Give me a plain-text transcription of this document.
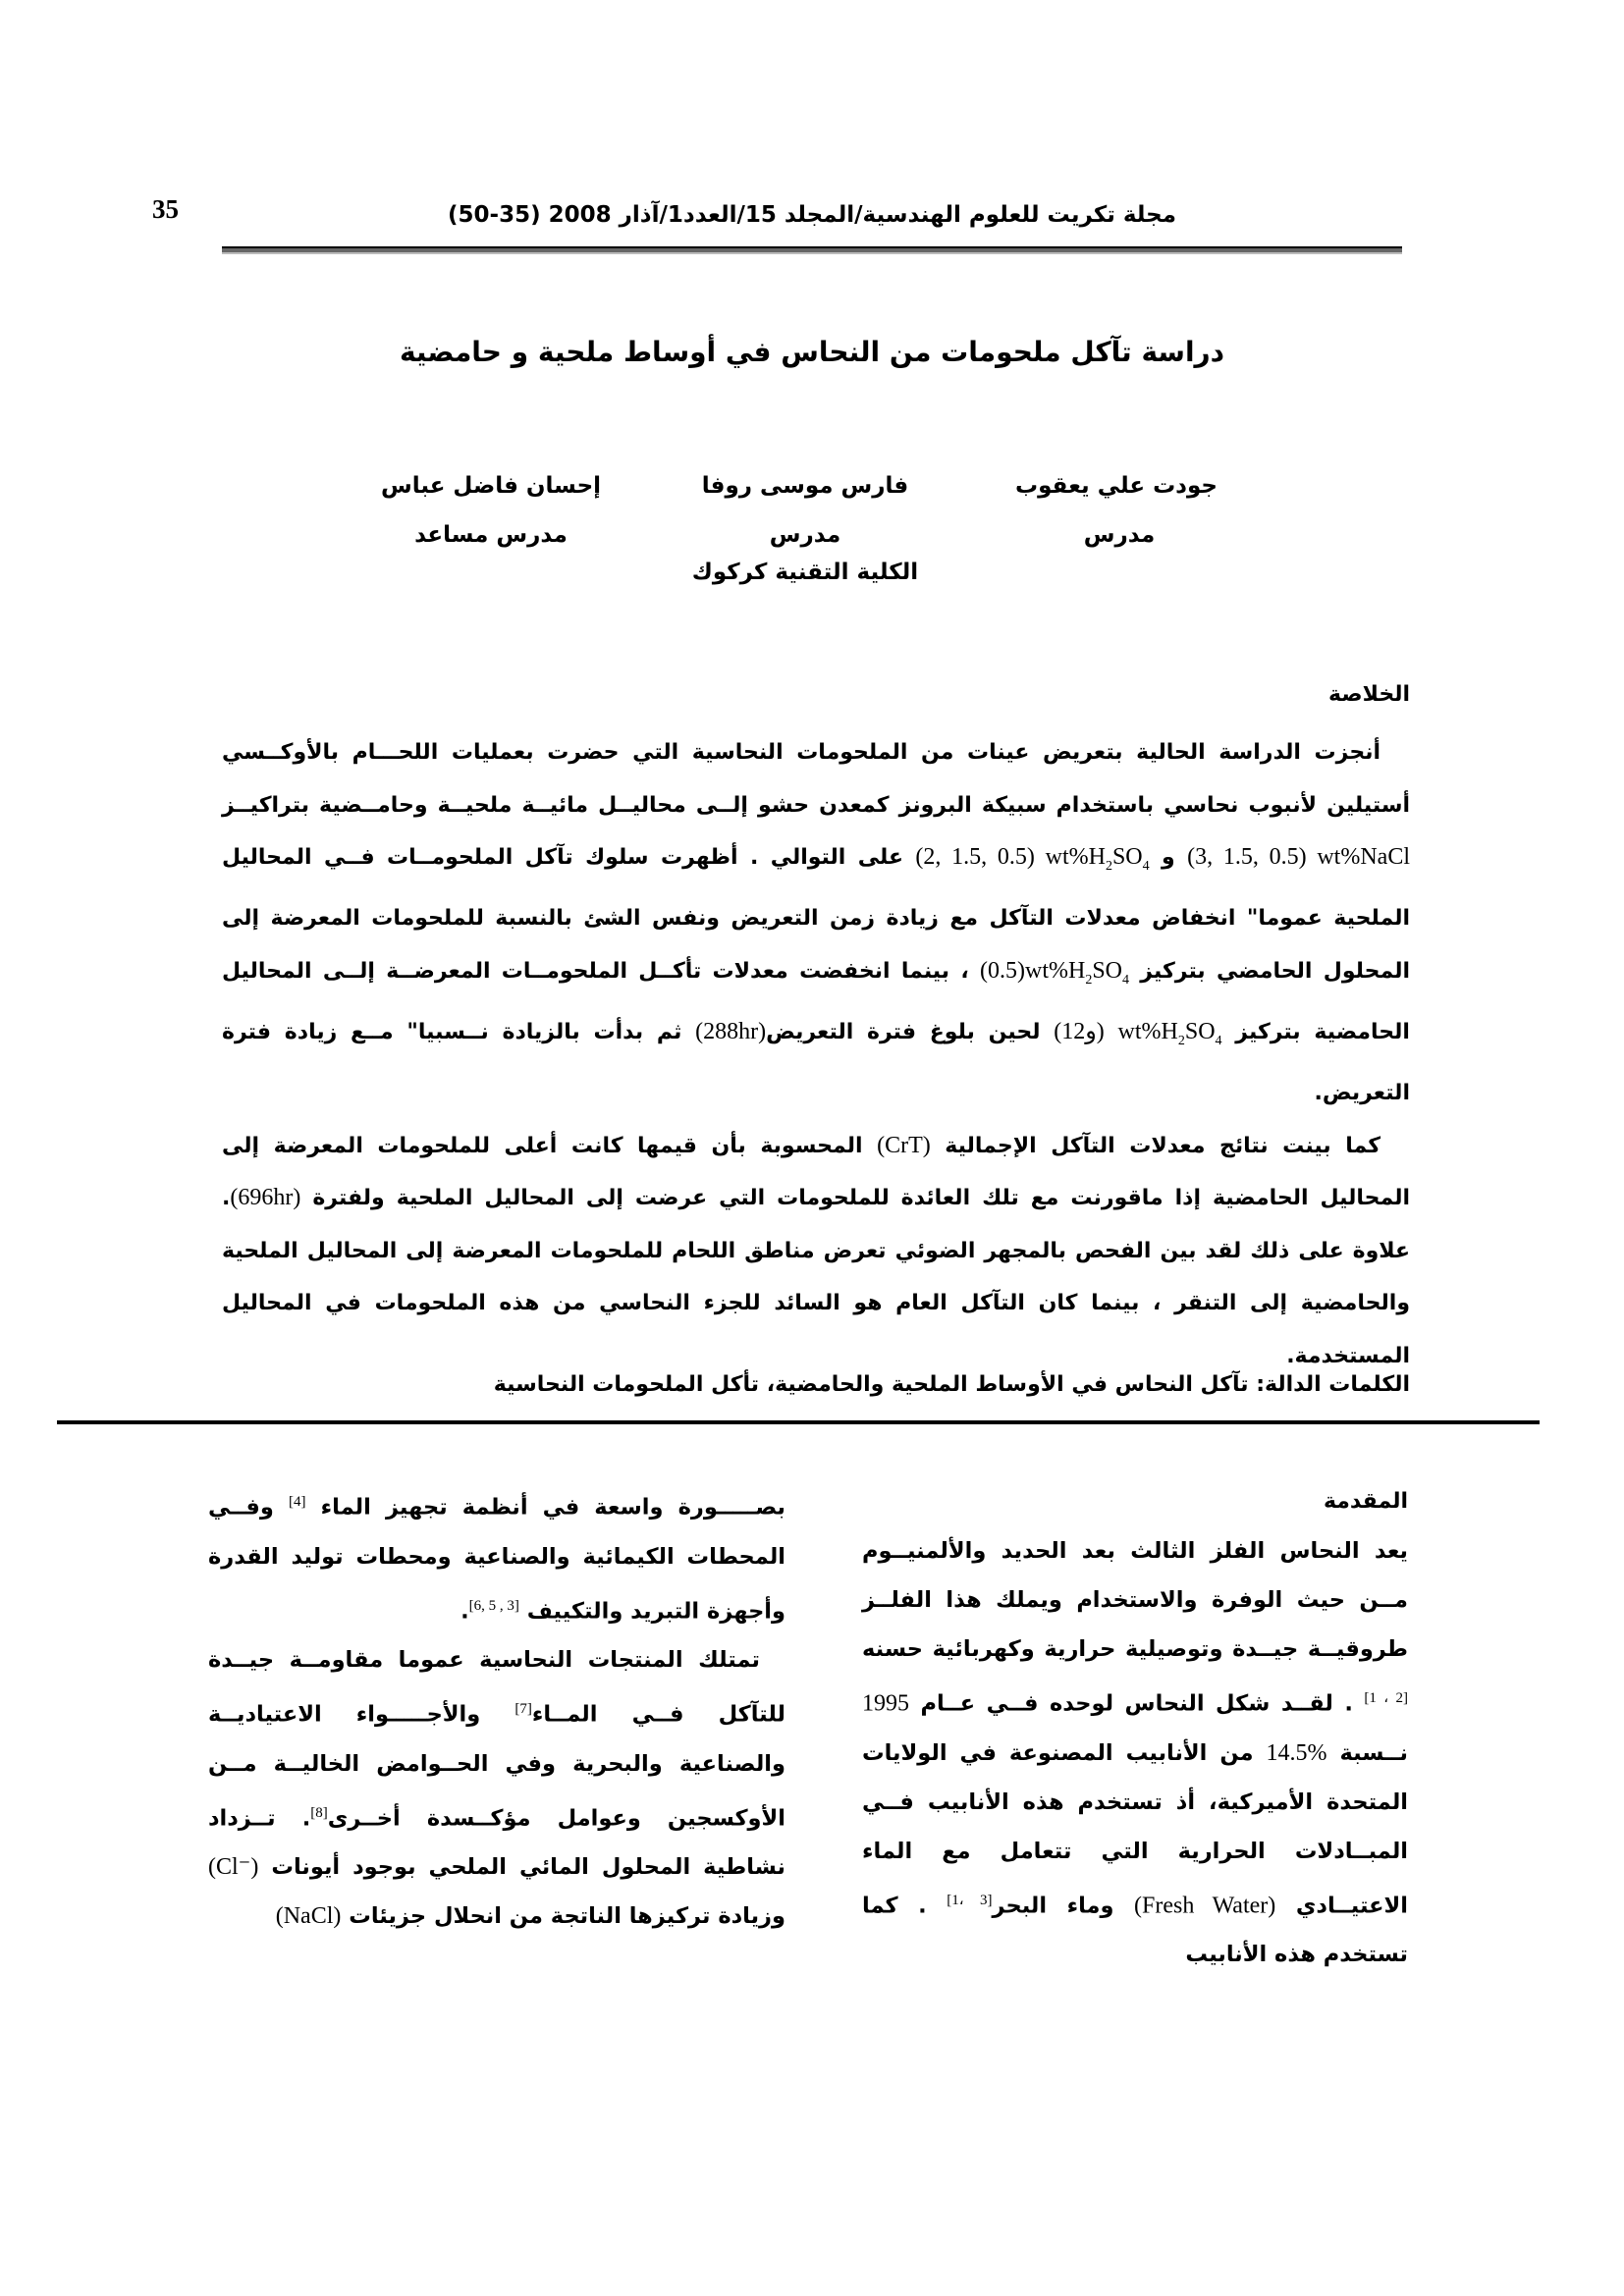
35	مجلة تكريت للعلوم الهندسية/المجلد 15/العدد1/آذار 2008 (35-50)
دراسة تآكل ملحومات من النحاس في أوساط ملحية و حامضية
جودت علي يعقوب
مدرس
فارس موسى روفا
مدرس
إحسان فاضل عباس
مدرس مساعد
الكلية التقنية كركوك
الخلاصة

أنجزت الدراسة الحالية بتعريض عينات من الملحومات النحاسية التي حضرت بعمليات اللحـــام بالأوكــسي أستيلين لأنبوب نحاسي باستخدام سبيكة البرونز كمعدن حشو إلــى محاليــل مائيــة ملحيــة وحامــضية بتراكيــز (3, 1.5, 0.5) wt%NaCl و (2, 1.5, 0.5) $wt\%H_2SO_4$ على التوالي . أظهرت سلوك تآكل الملحومــات فــي المحاليل الملحية عموما" انخفاض معدلات التآكل مع زيادة زمن التعريض ونفس الشئ بالنسبة للملحومات المعرضة إلى المحلول الحامضي بتركيز $(0.5)wt\%H_2SO_4$ ، بينما انخفضت معدلات تأكــل الملحومــات المعرضــة إلــى المحاليل الحامضية بتركيز $wt\%H_2SO_4$ (1و2) لحين بلوغ فترة التعريض(288hr) ثم بدأت بالزيادة نــسبيا" مــع زيادة فترة التعريض.

كما بينت نتائج معدلات التآكل الإجمالية (CrT) المحسوبة بأن قيمها كانت أعلى للملحومات المعرضة إلى المحاليل الحامضية إذا ماقورنت مع تلك العائدة للملحومات التي عرضت إلى المحاليل الملحية ولفترة (696hr). علاوة على ذلك لقد بين الفحص بالمجهر الضوئي تعرض مناطق اللحام للملحومات المعرضة إلى المحاليل الملحية والحامضية إلى التنقر ، بينما كان التآكل العام هو السائد للجزء النحاسي من هذه الملحومات في المحاليل المستخدمة.

الكلمات الدالة: تآكل النحاس في الأوساط الملحية والحامضية، تأكل الملحومات النحاسية
المقدمة

يعد النحاس الفلز الثالث بعد الحديد والألمنيــوم مــن حيث الوفرة والاستخدام ويملك هذا الفلــز طروقيــة جيــدة وتوصيلية حرارية وكهربائية حسنه [1 ، 2] . لقــد شكل النحاس لوحده فــي عــام 1995 نــسبة 14.5% من الأنابيب المصنوعة في الولايات المتحدة الأميركية، أذ تستخدم هذه الأنابيب فــي المبــادلات الحرارية التي تتعامل مع الماء الاعتيــادي (Fresh Water) وماء البحر[1، 3] . كما تستخدم هذه الأنابيب

بصـــــورة واسعة في أنظمة تجهيز الماء [4] وفــي المحطات الكيمائية والصناعية ومحطات توليد القدرة وأجهزة التبريد والتكييف [6, 5 , 3].

تمتلك المنتجات النحاسية عموما مقاومــة جيــدة للتآكل فــي المــاء[7] والأجـــــواء الاعتياديــة والصناعية والبحرية وفي الحــوامض الخاليــة مــن الأوكسجين وعوامل مؤكــسدة أخــرى[8]. تــزداد نشاطية المحلول المائي الملحي بوجود أيونات (Cl⁻) وزيادة تركيزها الناتجة من انحلال جزيئات (NaCl)
